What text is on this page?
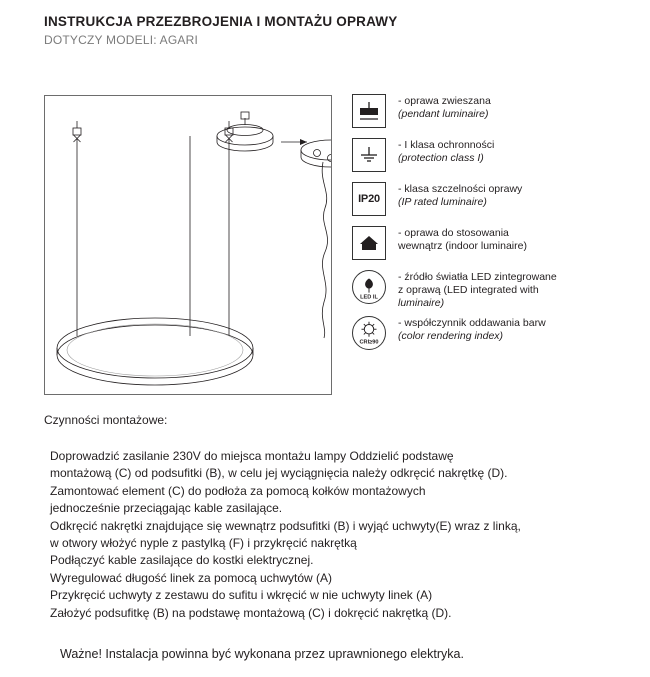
INSTRUKCJA PRZEZBROJENIA I MONTAŻU OPRAWY
DOTYCZY MODELI: AGARI
- oprawa zwieszana
(pendant luminaire)
- I klasa ochronności
(protection class I)
IP20
- klasa szczelności oprawy
(IP rated luminaire)
- oprawa do stosowania
wewnątrz (indoor luminaire)
LED IL
- źródło światła LED zintegrowane
z oprawą (LED integrated with
luminaire)
CRI≥90
- współczynnik oddawania barw
(color rendering index)
Czynności montażowe:

Doprowadzić zasilanie 230V do miejsca montażu lampy Oddzielić podstawę

montażową (C) od podsufitki (B), w celu jej wyciągnięcia należy odkręcić nakrętkę (D).

Zamontować element (C) do podłoża za pomocą kołków montażowych

jednocześnie przeciągając kable zasilające.

Odkręcić nakrętki znajdujące się wewnątrz podsufitki (B) i wyjąć uchwyty(E) wraz z linką,

w otwory włożyć nyple z pastylką (F) i przykręcić nakrętką

Podłączyć kable zasilające do kostki elektrycznej.

Wyregulować długość linek za pomocą uchwytów (A)

Przykręcić uchwyty z zestawu do sufitu i wkręcić w nie uchwyty linek (A)

Założyć podsufitkę (B) na podstawę montażową (C) i dokręcić nakrętką (D).

Ważne! Instalacja powinna być wykonana przez uprawnionego elektryka.
